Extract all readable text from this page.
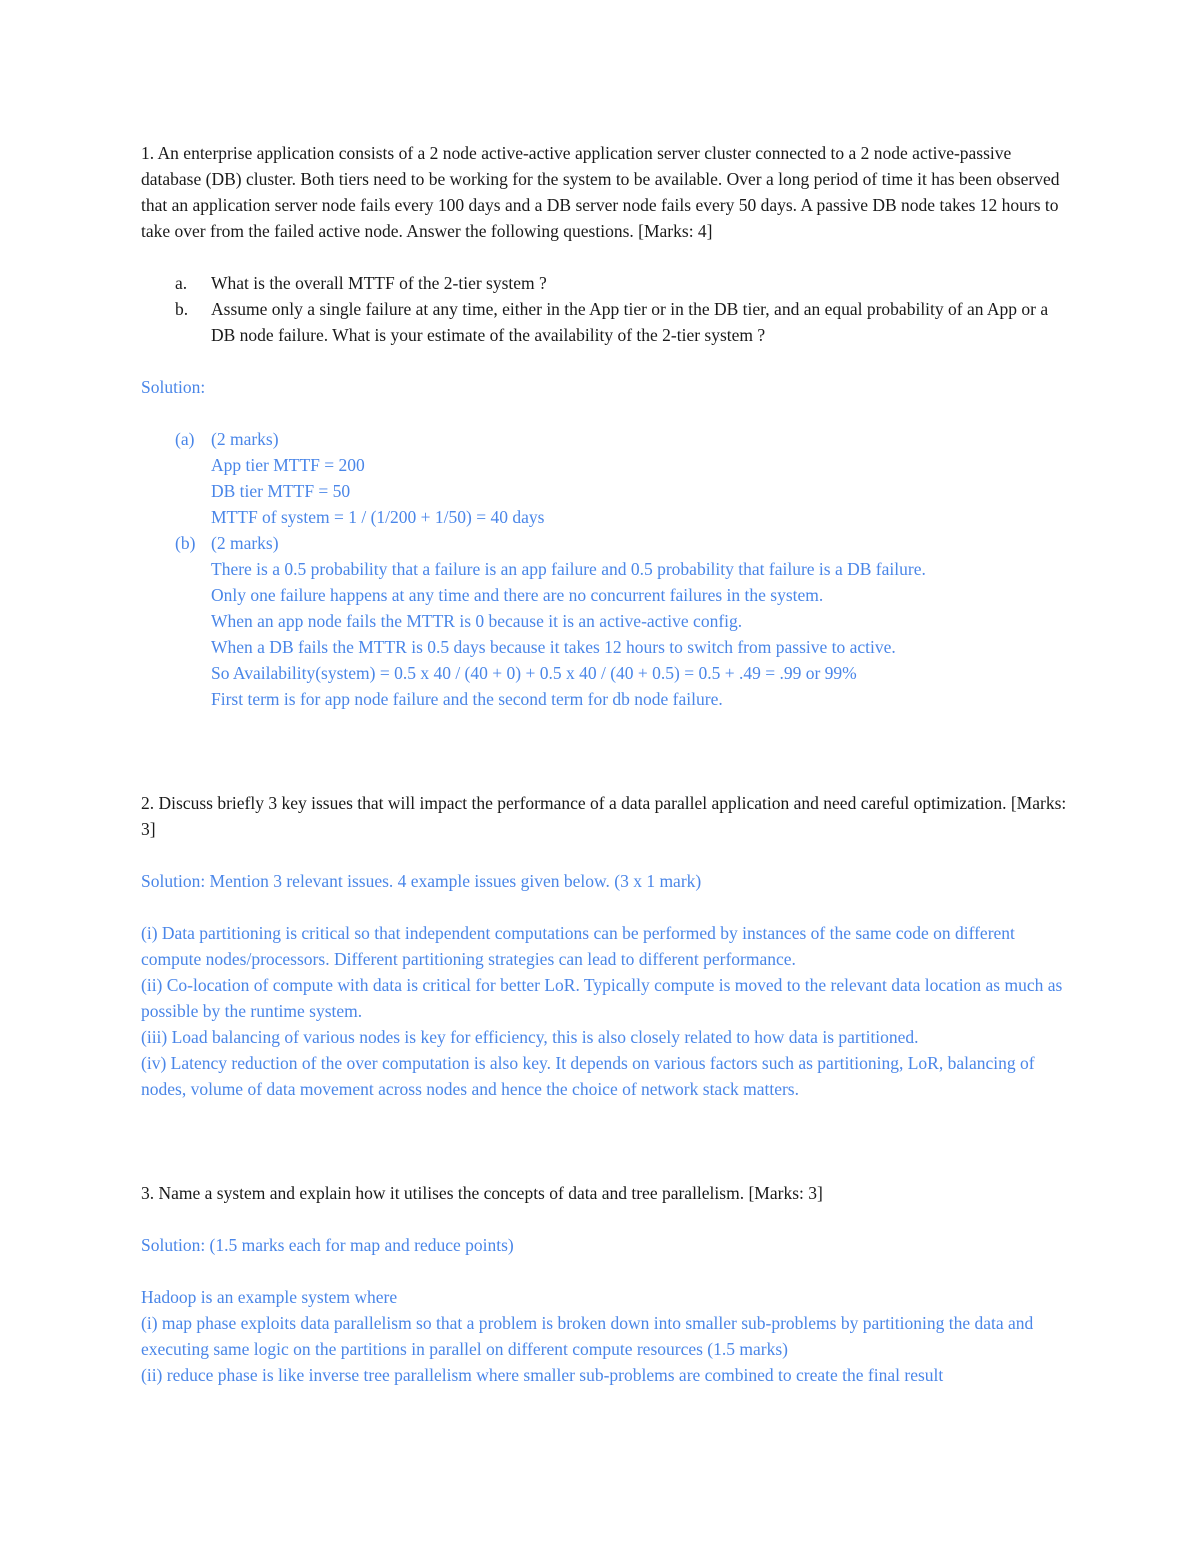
1. An enterprise application consists of a 2 node active-active application server cluster connected to a 2 node active-passive database (DB) cluster. Both tiers need to be working for the system to be available. Over a long period of time it has been observed that an application server node fails every 100 days and a DB server node fails every 50 days. A passive DB node takes 12 hours to take over from the failed active node. Answer the following questions. [Marks: 4]

a.	What is the overall MTTF of the 2-tier system ?
b.	Assume only a single failure at any time, either in the App tier or in the DB tier, and an equal probability of an App or a DB node failure. What is your estimate of the availability of the 2-tier system ?

Solution:

(a) (2 marks)

App tier MTTF = 200

DB tier MTTF = 50

MTTF of system = 1 / (1/200 + 1/50) = 40 days

(b) (2 marks)

There is a 0.5 probability that a failure is an app failure and 0.5 probability that failure is a DB failure.

Only one failure happens at any time and there are no concurrent failures in the system.

When an app node fails the MTTR is 0 because it is an active-active config.

When a DB fails the MTTR is 0.5 days because it takes 12 hours to switch from passive to active.

So Availability(system) = 0.5 x 40 / (40 + 0) + 0.5 x 40 / (40 + 0.5) = 0.5 + .49 = .99 or 99%

First term is for app node failure and the second term for db node failure.

2. Discuss briefly 3 key issues that will impact the performance of a data parallel application and need careful optimization. [Marks: 3]

Solution: Mention 3 relevant issues. 4 example issues given below. (3 x 1 mark)

(i) Data partitioning is critical so that independent computations can be performed by instances of the same code on different compute nodes/processors. Different partitioning strategies can lead to different performance.

(ii) Co-location of compute with data is critical for better LoR. Typically compute is moved to the relevant data location as much as possible by the runtime system.

(iii) Load balancing of various nodes is key for efficiency, this is also closely related to how data is partitioned.

(iv) Latency reduction of the over computation is also key. It depends on various factors such as partitioning, LoR, balancing of nodes, volume of data movement across nodes and hence the choice of network stack matters.

3. Name a system and explain how it utilises the concepts of data and tree parallelism. [Marks: 3]

Solution: (1.5 marks each for map and reduce points)

Hadoop is an example system where

(i) map phase exploits data parallelism so that a problem is broken down into smaller sub-problems by partitioning the data and executing same logic on the partitions in parallel on different compute resources (1.5 marks)

(ii) reduce phase is like inverse tree parallelism where smaller sub-problems are combined to create the final result
